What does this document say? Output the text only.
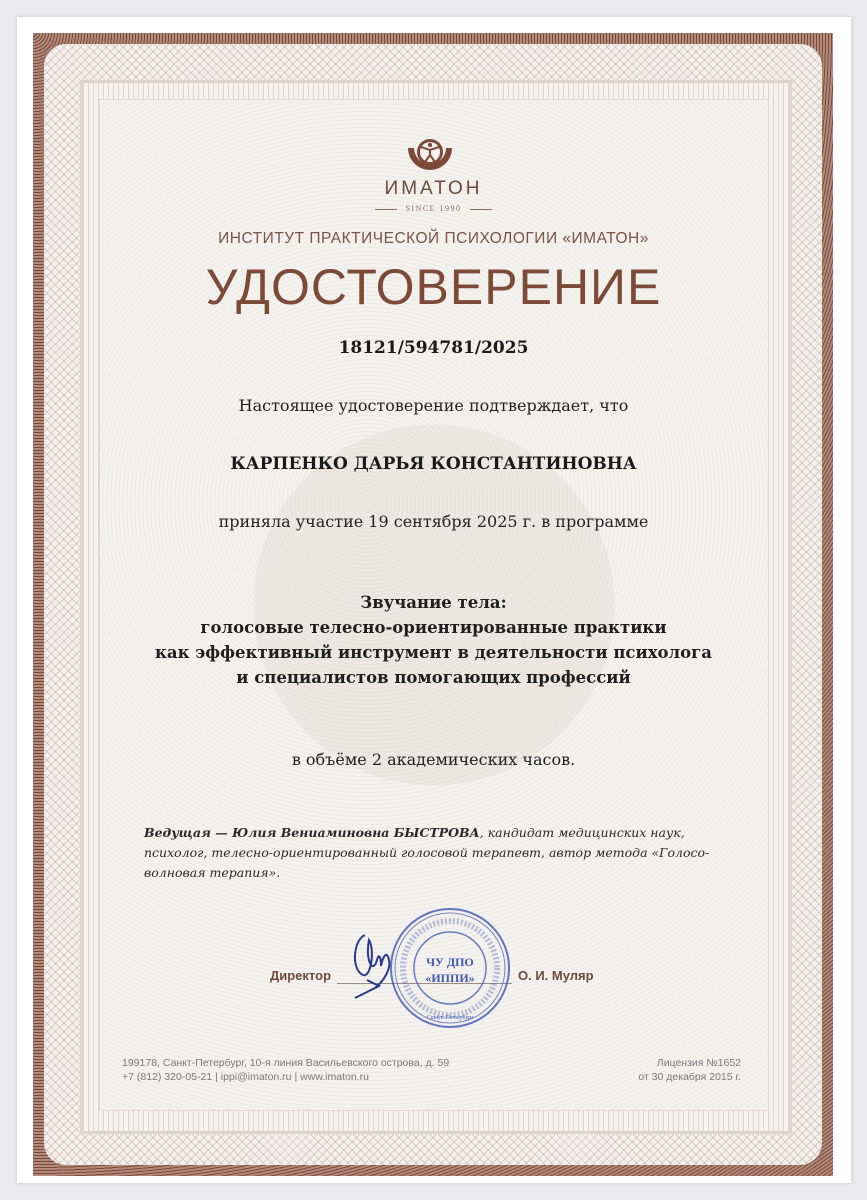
ИМАТОН
SINCE 1990
ИНСТИТУТ ПРАКТИЧЕСКОЙ ПСИХОЛОГИИ «ИМАТОН»
УДОСТОВЕРЕНИЕ
18121/594781/2025
Настоящее удостоверение подтверждает, что
КАРПЕНКО ДАРЬЯ КОНСТАНТИНОВНА
приняла участие 19 сентября 2025 г. в программе
Звучание тела:
голосовые телесно-ориентированные практики
как эффективный инструмент в деятельности психолога
и специалистов помогающих профессий
в объёме 2 академических часов.
Ведущая — Юлия Вениаминовна БЫСТРОВА, кандидат медицинских наук, психолог, телесно-ориентированный голосовой терапевт, автор метода «Голосо-волновая терапия».
Директор	О. И. Муляр
ЧУ ДПО
«ИППИ»
Санкт-Петербург
199178, Санкт-Петербург, 10-я линия Васильевского острова, д. 59
+7 (812) 320-05-21 | ippi@imaton.ru | www.imaton.ru
Лицензия №1652
от 30 декабря 2015 г.
